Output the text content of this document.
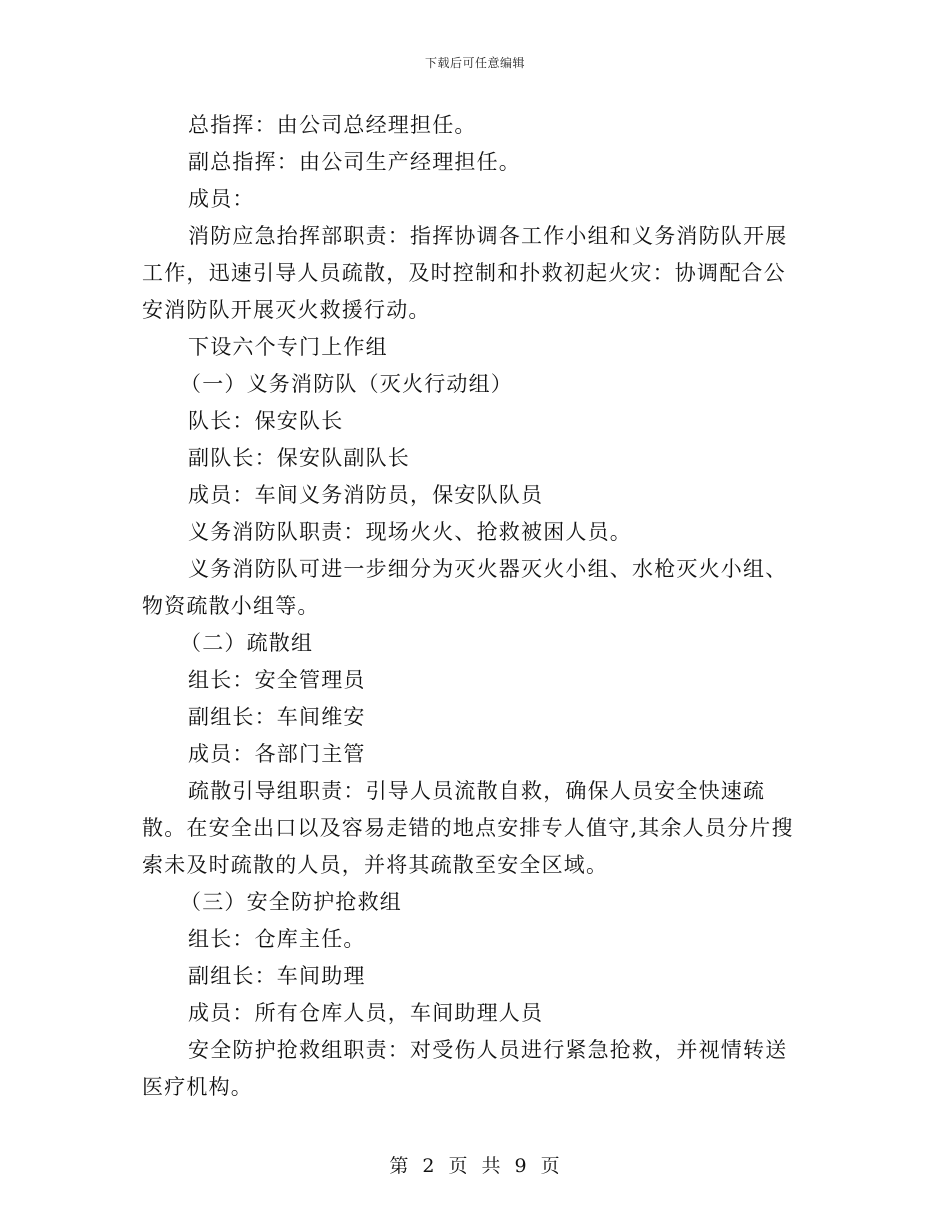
下载后可任意编辑

总指挥：由公司总经理担任。

副总指挥：由公司生产经理担任。

成员：

消防应急抬挥部职责：指挥协调各工作小组和义务消防队开展工作，迅速引导人员疏散，及时控制和扑救初起火灾：协调配合公安消防队开展灭火救援行动。

下设六个专门上作组

（一）义务消防队（灭火行动组）

队长：保安队长

副队长：保安队副队长

成员：车间义务消防员，保安队队员

义务消防队职责：现场火火、抢救被困人员。

义务消防队可进一步细分为灭火器灭火小组、水枪灭火小组、物资疏散小组等。

（二）疏散组

组长：安全管理员

副组长：车间维安

成员：各部门主管

疏散引导组职责：引导人员流散自救，确保人员安全快速疏散。在安全出口以及容易走错的地点安排专人值守,其余人员分片搜索未及时疏散的人员，并将其疏散至安全区域。

（三）安全防护抢救组

组长：仓库主任。

副组长：车间助理

成员：所有仓库人员，车间助理人员

安全防护抢救组职责：对受伤人员进行紧急抢救，并视情转送医疗机构。

第 2 页 共 9 页
